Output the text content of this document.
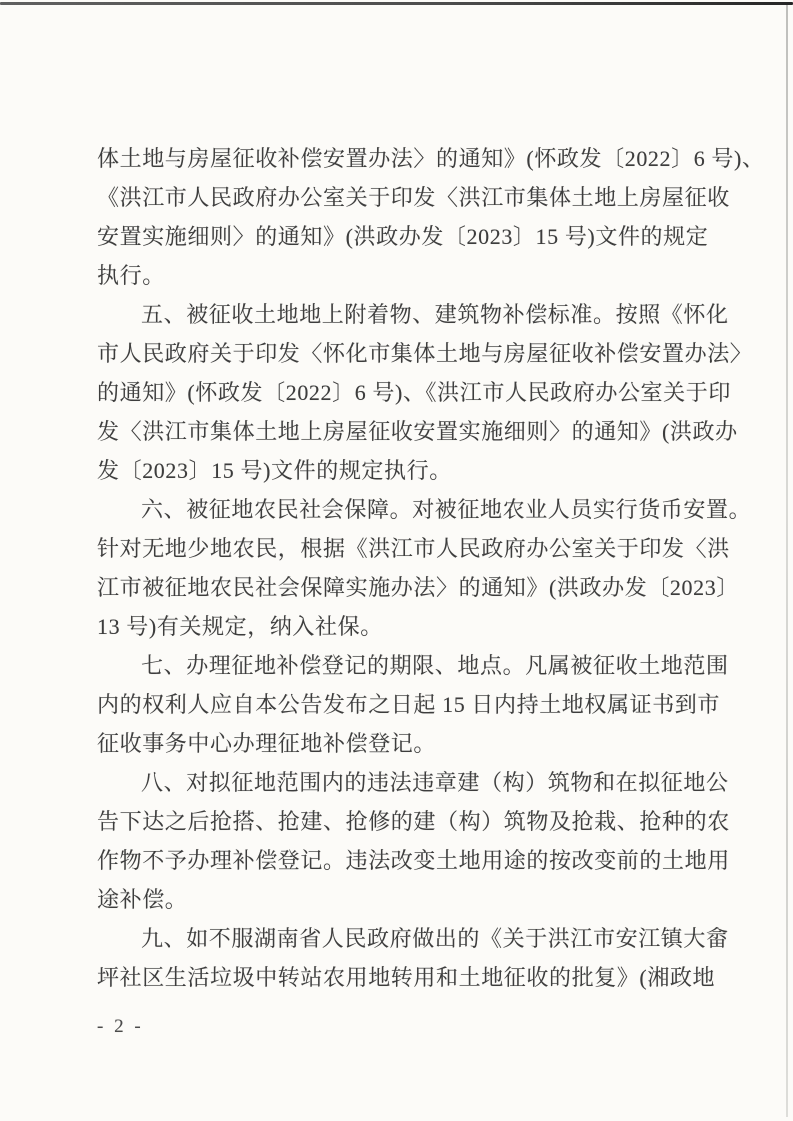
体土地与房屋征收补偿安置办法〉的通知》(怀政发〔2022〕6 号)、
《洪江市人民政府办公室关于印发〈洪江市集体土地上房屋征收
安置实施细则〉的通知》(洪政办发〔2023〕15 号)文件的规定
执行。
五、被征收土地地上附着物、建筑物补偿标准。按照《怀化
市人民政府关于印发〈怀化市集体土地与房屋征收补偿安置办法〉
的通知》(怀政发〔2022〕6 号)、《洪江市人民政府办公室关于印
发〈洪江市集体土地上房屋征收安置实施细则〉的通知》(洪政办
发〔2023〕15 号)文件的规定执行。
六、被征地农民社会保障。对被征地农业人员实行货币安置。
针对无地少地农民，根据《洪江市人民政府办公室关于印发〈洪
江市被征地农民社会保障实施办法〉的通知》(洪政办发〔2023〕
13 号)有关规定，纳入社保。
七、办理征地补偿登记的期限、地点。凡属被征收土地范围
内的权利人应自本公告发布之日起 15 日内持土地权属证书到市
征收事务中心办理征地补偿登记。
八、对拟征地范围内的违法违章建（构）筑物和在拟征地公
告下达之后抢搭、抢建、抢修的建（构）筑物及抢栽、抢种的农
作物不予办理补偿登记。违法改变土地用途的按改变前的土地用
途补偿。
九、如不服湖南省人民政府做出的《关于洪江市安江镇大畲
坪社区生活垃圾中转站农用地转用和土地征收的批复》(湘政地
- 2 -
